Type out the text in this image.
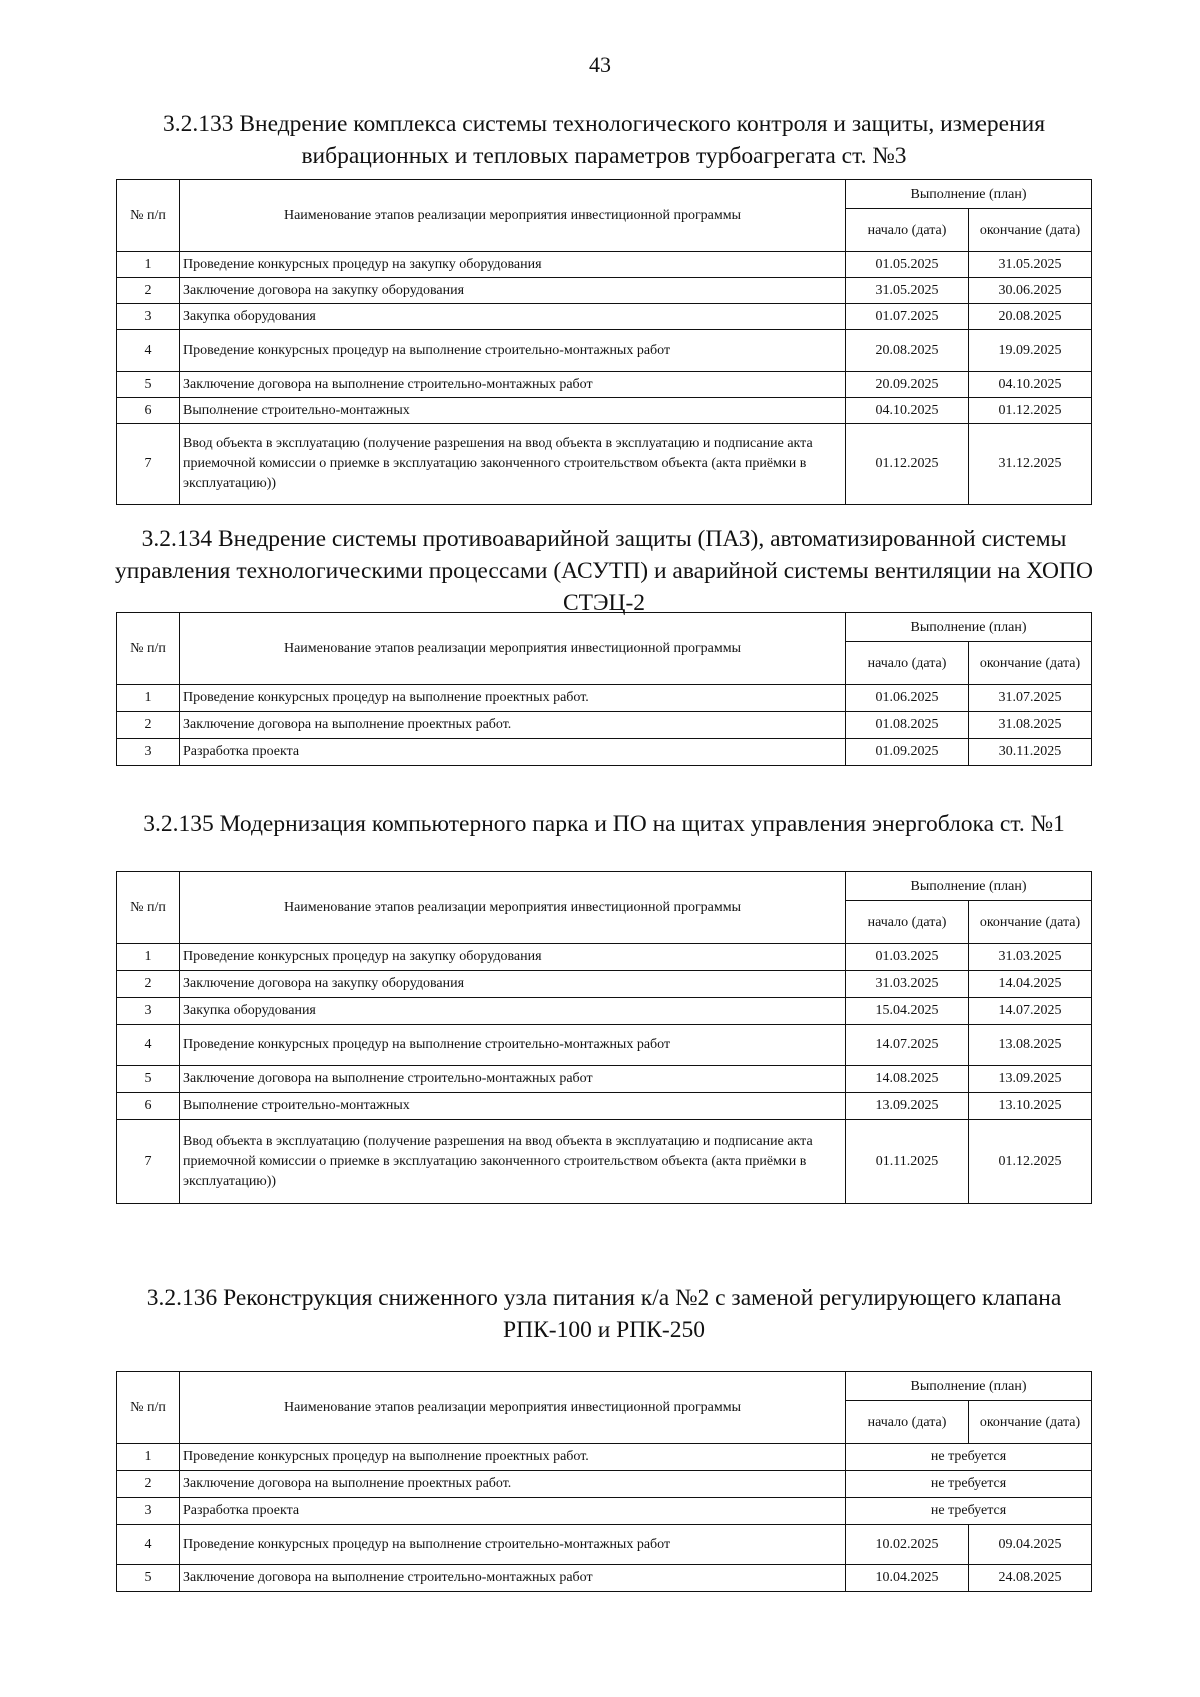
43
3.2.133 Внедрение комплекса системы технологического контроля и защиты, измерения вибрационных и тепловых параметров турбоагрегата ст. №3
№ п/п	Наименование этапов реализации мероприятия инвестиционной программы	Выполнение (план)	
		начало (дата)	окончание (дата)
1	Проведение конкурсных процедур на закупку оборудования	01.05.2025	31.05.2025
2	Заключение договора на закупку оборудования	31.05.2025	30.06.2025
3	Закупка оборудования	01.07.2025	20.08.2025
4	Проведение конкурсных процедур на выполнение строительно-монтажных работ	20.08.2025	19.09.2025
5	Заключение договора на выполнение строительно-монтажных работ	20.09.2025	04.10.2025
6	Выполнение строительно-монтажных	04.10.2025	01.12.2025
7	Ввод объекта в эксплуатацию (получение разрешения на ввод объекта в эксплуатацию и подписание акта приемочной комиссии о приемке в эксплуатацию законченного строительством объекта (акта приёмки в эксплуатацию))	01.12.2025	31.12.2025
3.2.134 Внедрение системы противоаварийной защиты (ПАЗ), автоматизированной системы управления технологическими процессами (АСУТП) и аварийной системы вентиляции на ХОПО СТЭЦ-2
№ п/п	Наименование этапов реализации мероприятия инвестиционной программы	Выполнение (план)	
		начало (дата)	окончание (дата)
1	Проведение конкурсных процедур на выполнение проектных работ.	01.06.2025	31.07.2025
2	Заключение договора на выполнение проектных работ.	01.08.2025	31.08.2025
3	Разработка проекта	01.09.2025	30.11.2025
3.2.135 Модернизация компьютерного парка и ПО на щитах управления энергоблока ст. №1
№ п/п	Наименование этапов реализации мероприятия инвестиционной программы	Выполнение (план)	
		начало (дата)	окончание (дата)
1	Проведение конкурсных процедур на закупку оборудования	01.03.2025	31.03.2025
2	Заключение договора на закупку оборудования	31.03.2025	14.04.2025
3	Закупка оборудования	15.04.2025	14.07.2025
4	Проведение конкурсных процедур на выполнение строительно-монтажных работ	14.07.2025	13.08.2025
5	Заключение договора на выполнение строительно-монтажных работ	14.08.2025	13.09.2025
6	Выполнение строительно-монтажных	13.09.2025	13.10.2025
7	Ввод объекта в эксплуатацию (получение разрешения на ввод объекта в эксплуатацию и подписание акта приемочной комиссии о приемке в эксплуатацию законченного строительством объекта (акта приёмки в эксплуатацию))	01.11.2025	01.12.2025
3.2.136 Реконструкция сниженного узла питания к/а №2 с заменой регулирующего клапана РПК-100 и РПК-250
№ п/п	Наименование этапов реализации мероприятия инвестиционной программы	Выполнение (план)	
		начало (дата)	окончание (дата)
1	Проведение конкурсных процедур на выполнение проектных работ.	не требуется	
2	Заключение договора на выполнение проектных работ.	не требуется	
3	Разработка проекта	не требуется	
4	Проведение конкурсных процедур на выполнение строительно-монтажных работ	10.02.2025	09.04.2025
5	Заключение договора на выполнение строительно-монтажных работ	10.04.2025	24.08.2025
